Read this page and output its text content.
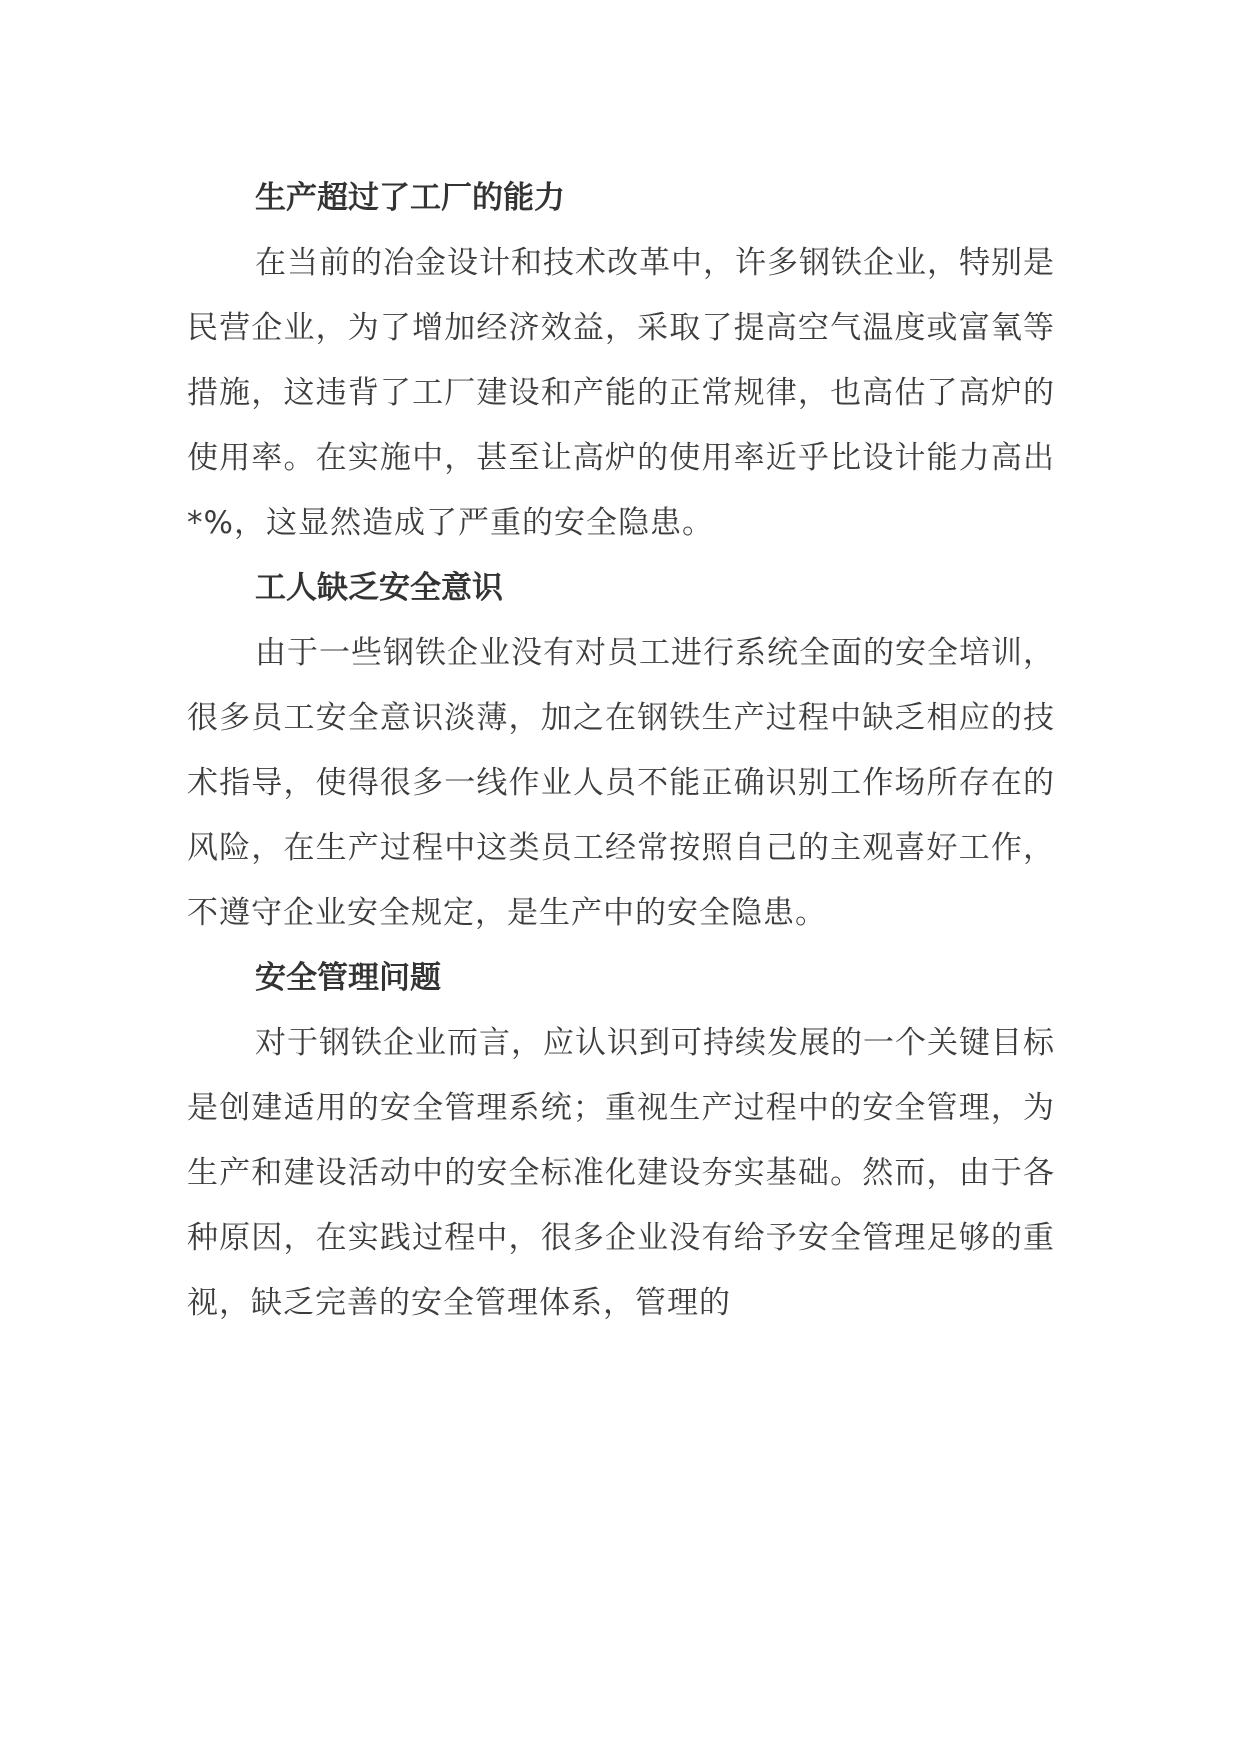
生产超过了工厂的能力

在当前的冶金设计和技术改革中，许多钢铁企业，特别是民营企业，为了增加经济效益，采取了提高空气温度或富氧等措施，这违背了工厂建设和产能的正常规律，也高估了高炉的使用率。在实施中，甚至让高炉的使用率近乎比设计能力高出*%，这显然造成了严重的安全隐患。

工人缺乏安全意识

由于一些钢铁企业没有对员工进行系统全面的安全培训，很多员工安全意识淡薄，加之在钢铁生产过程中缺乏相应的技术指导，使得很多一线作业人员不能正确识别工作场所存在的风险，在生产过程中这类员工经常按照自己的主观喜好工作，不遵守企业安全规定，是生产中的安全隐患。

安全管理问题

对于钢铁企业而言，应认识到可持续发展的一个关键目标是创建适用的安全管理系统；重视生产过程中的安全管理，为生产和建设活动中的安全标准化建设夯实基础。然而，由于各种原因，在实践过程中，很多企业没有给予安全管理足够的重视，缺乏完善的安全管理体系，管理的
